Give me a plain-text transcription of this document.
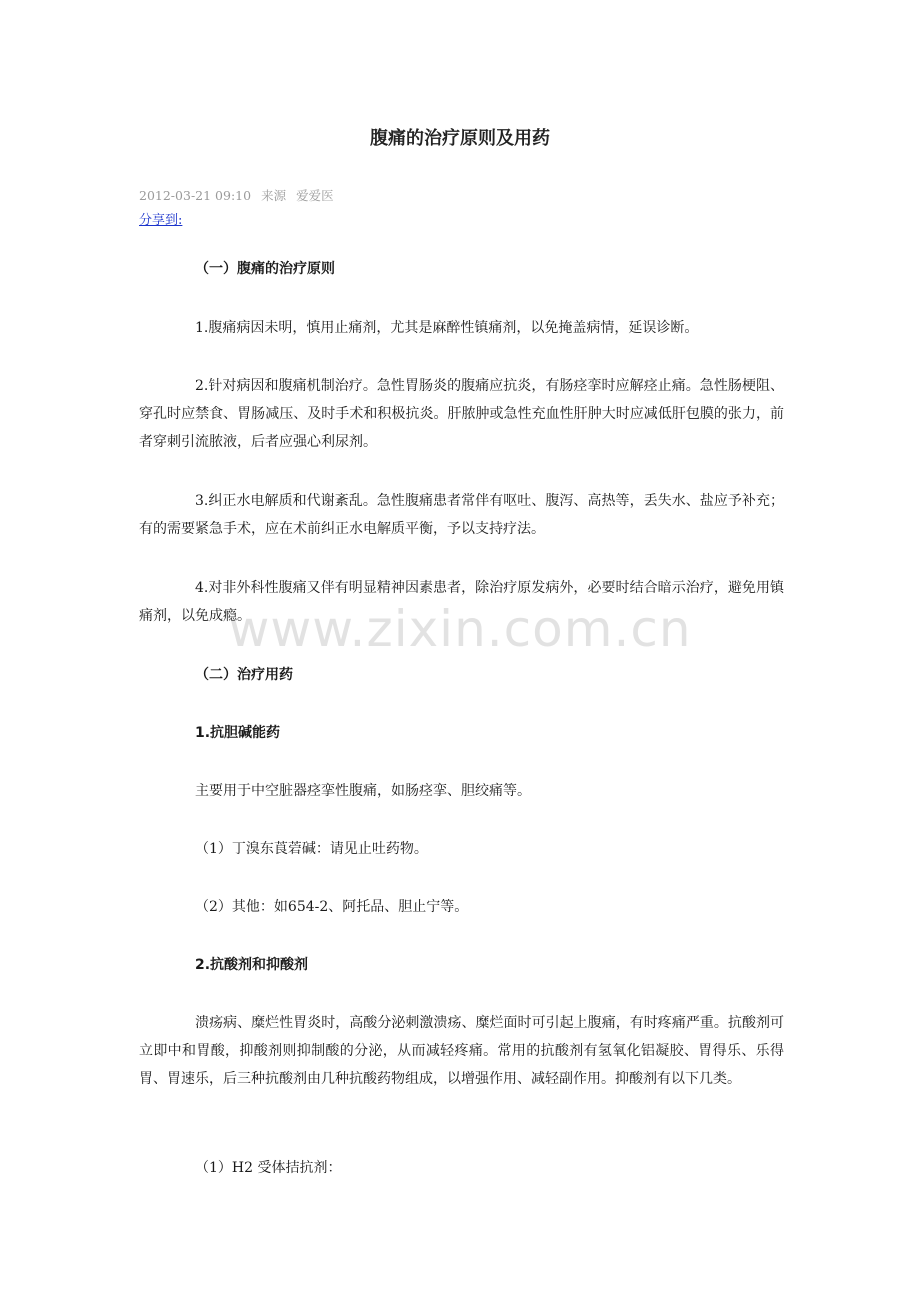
腹痛的治疗原则及用药
2012-03-21 09:10 来源 爱爱医
分享到:

（一）腹痛的治疗原则

1.腹痛病因未明，慎用止痛剂，尤其是麻醉性镇痛剂，以免掩盖病情，延误诊断。

2.针对病因和腹痛机制治疗。急性胃肠炎的腹痛应抗炎，有肠痉挛时应解痉止痛。急性肠梗阻、穿孔时应禁食、胃肠减压、及时手术和积极抗炎。肝脓肿或急性充血性肝肿大时应减低肝包膜的张力，前者穿刺引流脓液，后者应强心利尿剂。

3.纠正水电解质和代谢紊乱。急性腹痛患者常伴有呕吐、腹泻、高热等，丢失水、盐应予补充；有的需要紧急手术，应在术前纠正水电解质平衡，予以支持疗法。

4.对非外科性腹痛又伴有明显精神因素患者，除治疗原发病外，必要时结合暗示治疗，避免用镇痛剂，以免成瘾。

（二）治疗用药

1.抗胆碱能药

主要用于中空脏器痉挛性腹痛，如肠痉挛、胆绞痛等。

（1）丁溴东莨菪碱：请见止吐药物。

（2）其他：如654-2、阿托品、胆止宁等。

2.抗酸剂和抑酸剂

溃疡病、糜烂性胃炎时，高酸分泌刺激溃疡、糜烂面时可引起上腹痛，有时疼痛严重。抗酸剂可立即中和胃酸，抑酸剂则抑制酸的分泌，从而减轻疼痛。常用的抗酸剂有氢氧化铝凝胶、胃得乐、乐得胃、胃速乐，后三种抗酸剂由几种抗酸药物组成，以增强作用、减轻副作用。抑酸剂有以下几类。

（1）H2 受体拮抗剂：

www.zixin.com.cn
